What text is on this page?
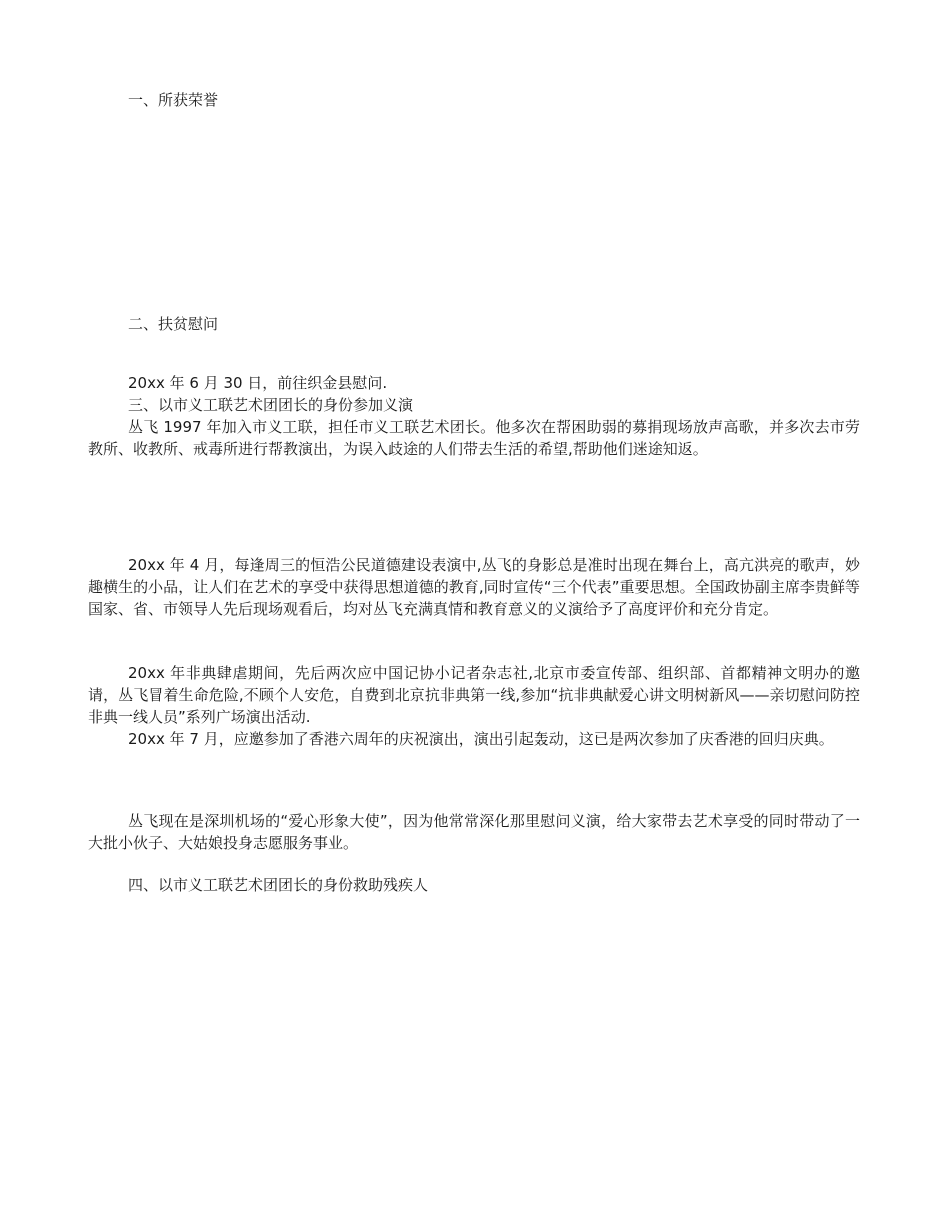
一、所获荣誉
二、扶贫慰问
20xx 年 6 月 30 日，前往织金县慰问.
三、以市义工联艺术团团长的身份参加义演
丛飞 1997 年加入市义工联，担任市义工联艺术团长。他多次在帮困助弱的募捐现场放声高歌，并多次去市劳教所、收教所、戒毒所进行帮教演出，为误入歧途的人们带去生活的希望,帮助他们迷途知返。
20xx 年 4 月，每逢周三的恒浩公民道德建设表演中,丛飞的身影总是准时出现在舞台上，高亢洪亮的歌声，妙趣横生的小品，让人们在艺术的享受中获得思想道德的教育,同时宣传“三个代表”重要思想。全国政协副主席李贵鲜等国家、省、市领导人先后现场观看后，均对丛飞充满真情和教育意义的义演给予了高度评价和充分肯定。
20xx 年非典肆虐期间，先后两次应中国记协小记者杂志社,北京市委宣传部、组织部、首都精神文明办的邀请，丛飞冒着生命危险,不顾个人安危，自费到北京抗非典第一线,参加“抗非典献爱心讲文明树新风——亲切慰问防控非典一线人员”系列广场演出活动.
20xx 年 7 月，应邀参加了香港六周年的庆祝演出，演出引起轰动，这已是两次参加了庆香港的回归庆典。
丛飞现在是深圳机场的“爱心形象大使”，因为他常常深化那里慰问义演，给大家带去艺术享受的同时带动了一大批小伙子、大姑娘投身志愿服务事业。
四、以市义工联艺术团团长的身份救助残疾人
